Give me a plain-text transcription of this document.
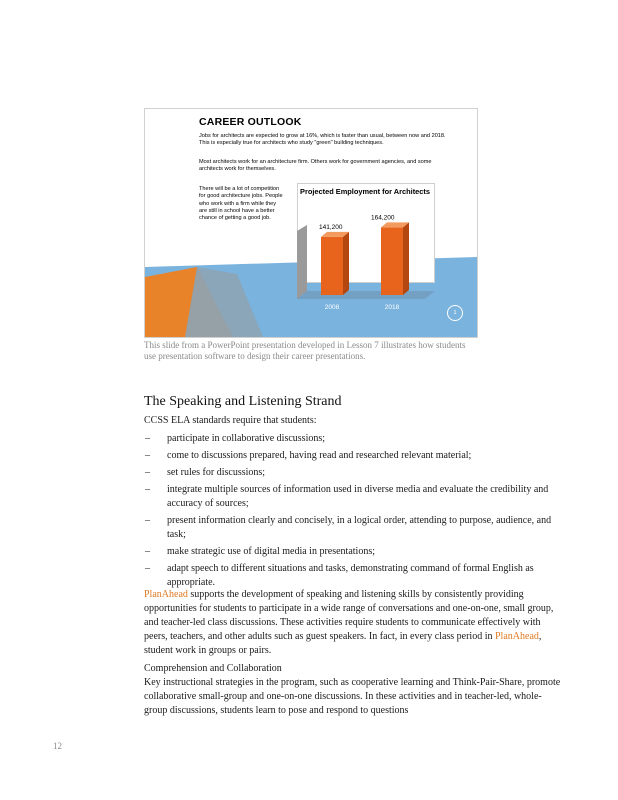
CAREER OUTLOOK
Jobs for architects are expected to grow at 16%, which is faster than usual, between now and 2018. This is especially true for architects who study "green" building techniques.
Most architects work for an architecture firm. Others work for government agencies, and some architects work for themselves.
There will be a lot of competition for good architecture jobs. People who work with a firm while they are still in school have a better chance of getting a good job.
Projected Employment for Architects
141,200
2008
164,200
2018
1
This slide from a PowerPoint presentation developed in Lesson 7 illustrates how students use presentation software to design their career presentations.
The Speaking and Listening Strand
CCSS ELA standards require that students:
– participate in collaborative discussions;
– come to discussions prepared, having read and researched relevant material;
– set rules for discussions;
– integrate multiple sources of information used in diverse media and evaluate the credibility and accuracy of sources;
– present information clearly and concisely, in a logical order, attending to purpose, audience, and task;
– make strategic use of digital media in presentations;
– adapt speech to different situations and tasks, demonstrating command of formal English as appropriate.
PlanAhead supports the development of speaking and listening skills by consistently providing opportunities for students to participate in a wide range of conversations and one-on-one, small group, and teacher-led class discussions. These activities require students to communicate effectively with peers, teachers, and other adults such as guest speakers. In fact, in every class period in PlanAhead, student work in groups or pairs.
Comprehension and Collaboration
Key instructional strategies in the program, such as cooperative learning and Think-Pair-Share, promote collaborative small-group and one-on-one discussions. In these activities and in teacher-led, whole-group discussions, students learn to pose and respond to questions
12
